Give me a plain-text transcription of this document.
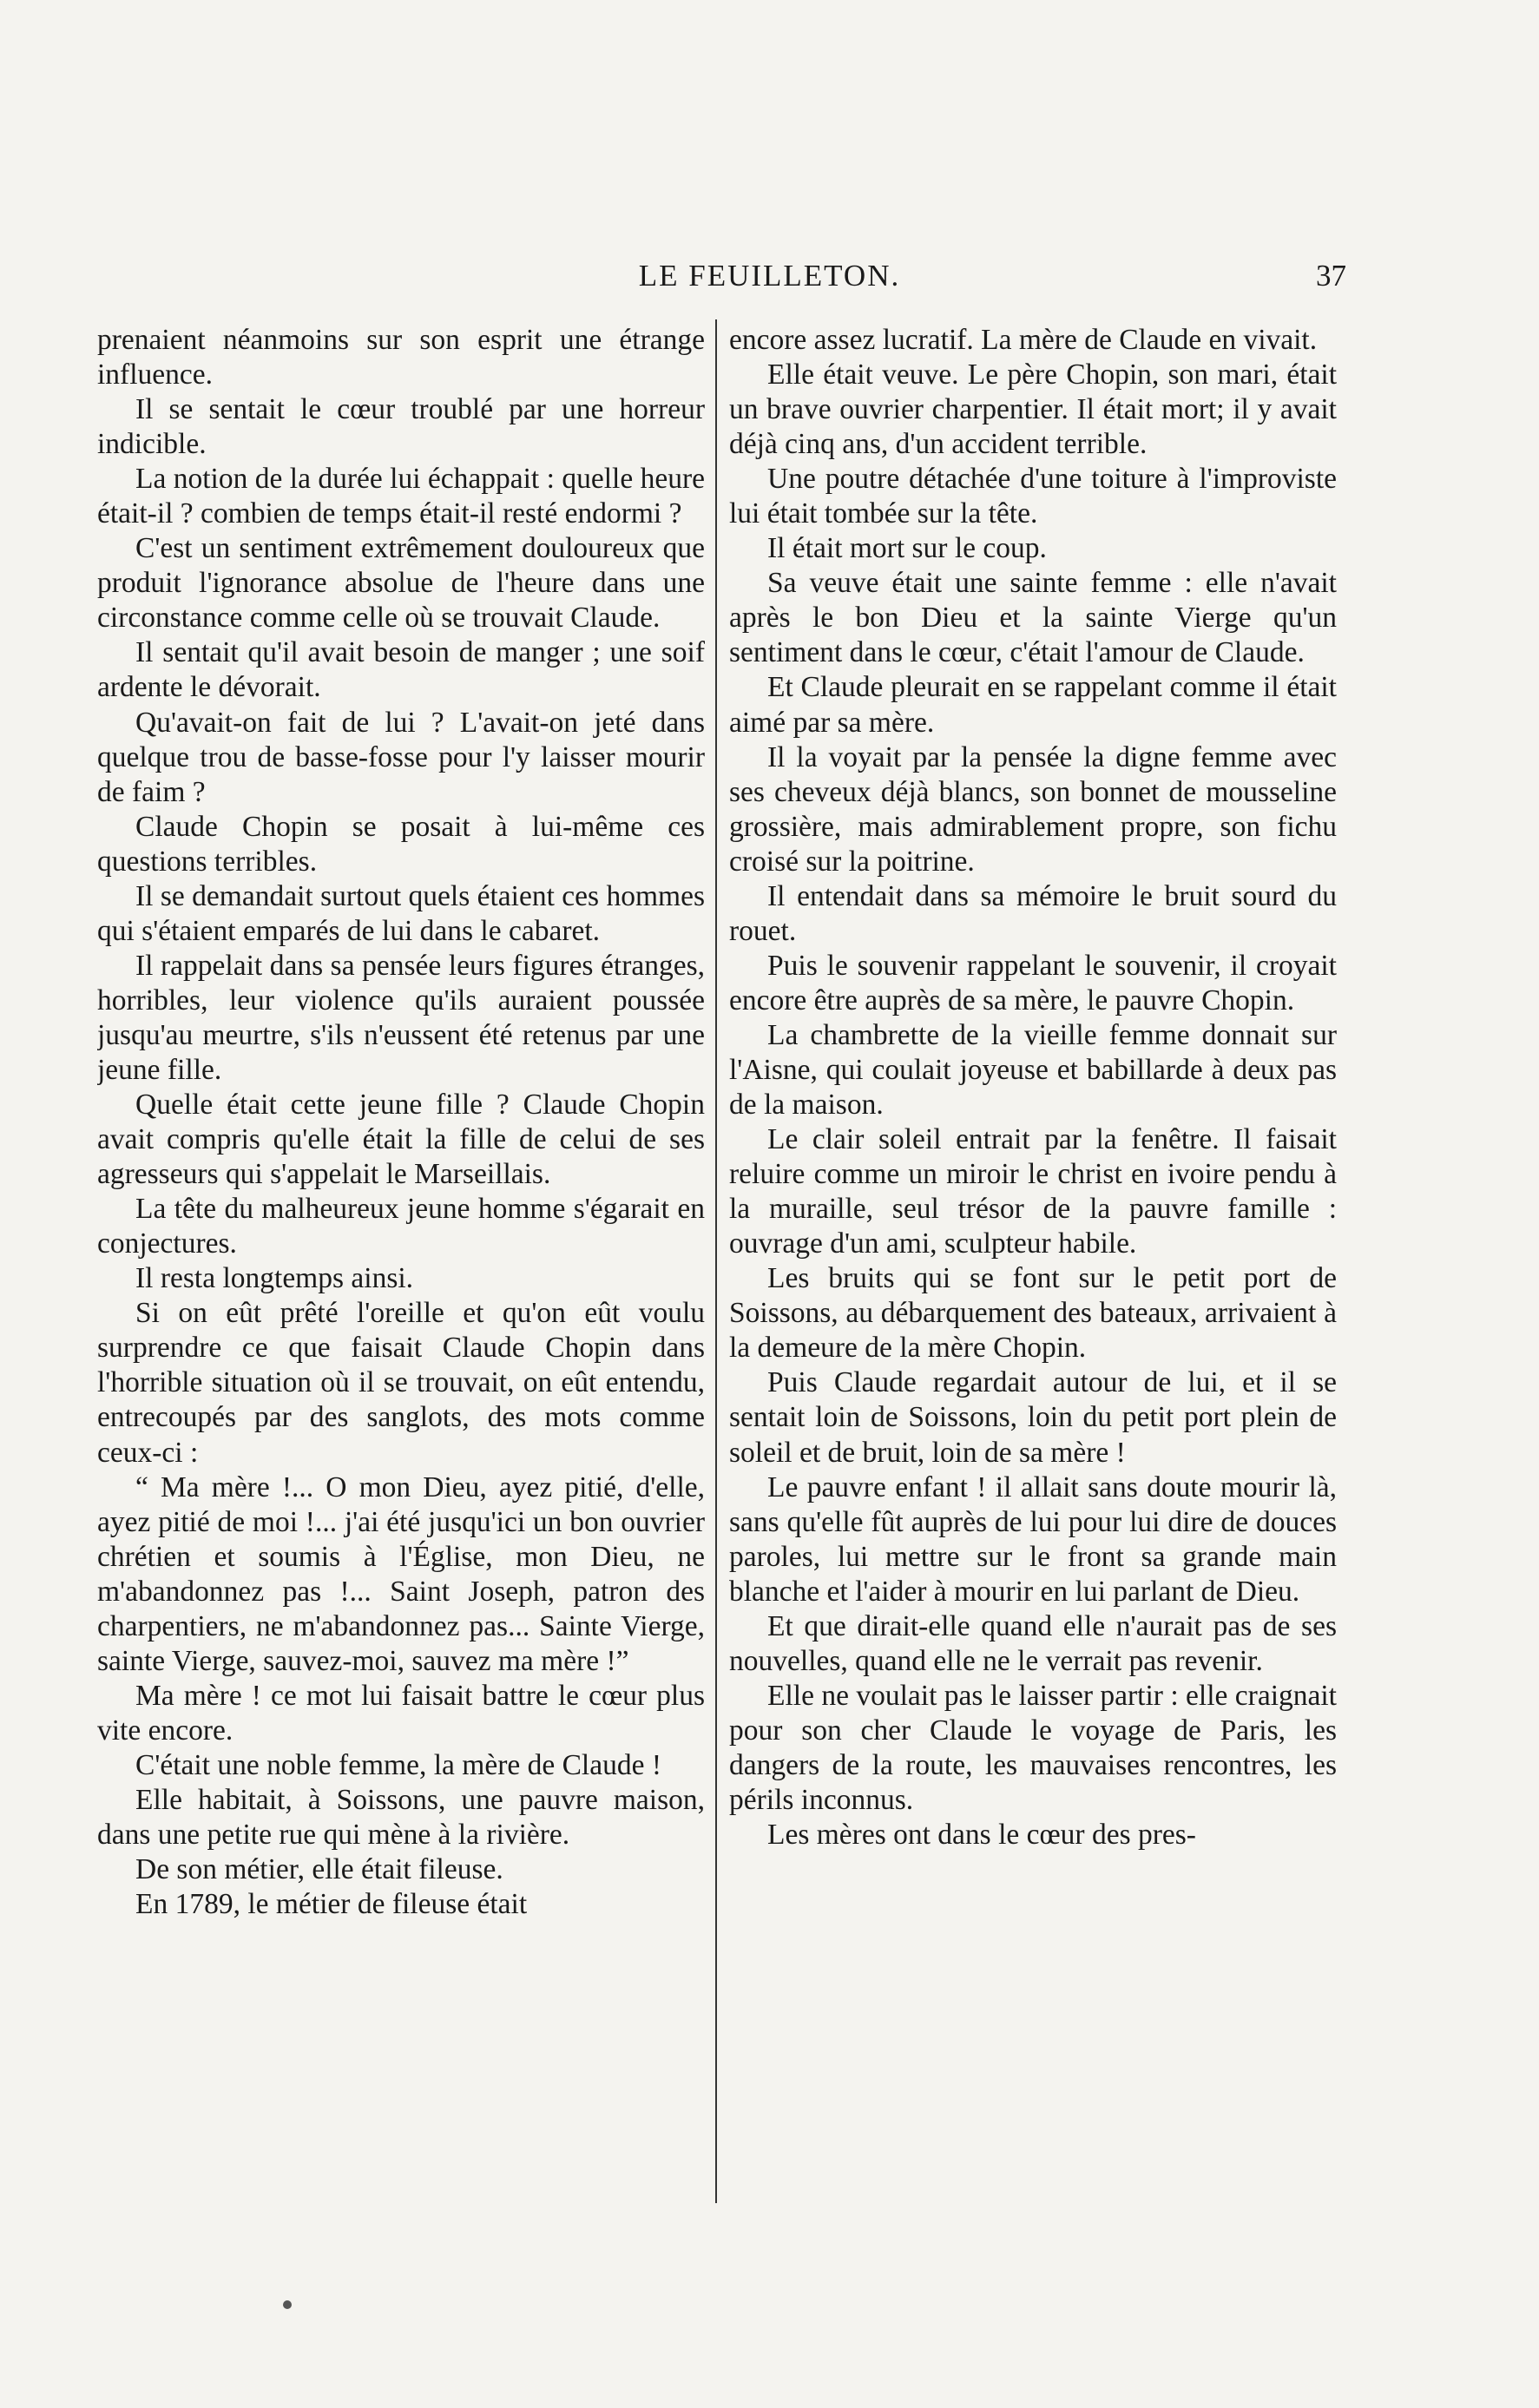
LE FEUILLETON.	37

prenaient néanmoins sur son esprit une étrange influence.

Il se sentait le cœur troublé par une horreur indicible.

La notion de la durée lui échappait : quelle heure était-il ? combien de temps était-il resté endormi ?

C'est un sentiment extrêmement douloureux que produit l'ignorance absolue de l'heure dans une circonstance comme celle où se trouvait Claude.

Il sentait qu'il avait besoin de manger ; une soif ardente le dévorait.

Qu'avait-on fait de lui ? L'avait-on jeté dans quelque trou de basse-fosse pour l'y laisser mourir de faim ?

Claude Chopin se posait à lui-même ces questions terribles.

Il se demandait surtout quels étaient ces hommes qui s'étaient emparés de lui dans le cabaret.

Il rappelait dans sa pensée leurs figures étranges, horribles, leur violence qu'ils auraient poussée jusqu'au meurtre, s'ils n'eussent été retenus par une jeune fille.

Quelle était cette jeune fille ? Claude Chopin avait compris qu'elle était la fille de celui de ses agresseurs qui s'appelait le Marseillais.

La tête du malheureux jeune homme s'égarait en conjectures.

Il resta longtemps ainsi.

Si on eût prêté l'oreille et qu'on eût voulu surprendre ce que faisait Claude Chopin dans l'horrible situation où il se trouvait, on eût entendu, entrecoupés par des sanglots, des mots comme ceux-ci :

“ Ma mère !... O mon Dieu, ayez pitié, d'elle, ayez pitié de moi !... j'ai été jusqu'ici un bon ouvrier chrétien et soumis à l'Église, mon Dieu, ne m'abandonnez pas !... Saint Joseph, patron des charpentiers, ne m'abandonnez pas... Sainte Vierge, sainte Vierge, sauvez-moi, sauvez ma mère !”

Ma mère ! ce mot lui faisait battre le cœur plus vite encore.

C'était une noble femme, la mère de Claude !

Elle habitait, à Soissons, une pauvre maison, dans une petite rue qui mène à la rivière.

De son métier, elle était fileuse.

En 1789, le métier de fileuse était

encore assez lucratif. La mère de Claude en vivait.

Elle était veuve. Le père Chopin, son mari, était un brave ouvrier charpentier. Il était mort; il y avait déjà cinq ans, d'un accident terrible.

Une poutre détachée d'une toiture à l'improviste lui était tombée sur la tête.

Il était mort sur le coup.

Sa veuve était une sainte femme : elle n'avait après le bon Dieu et la sainte Vierge qu'un sentiment dans le cœur, c'était l'amour de Claude.

Et Claude pleurait en se rappelant comme il était aimé par sa mère.

Il la voyait par la pensée la digne femme avec ses cheveux déjà blancs, son bonnet de mousseline grossière, mais admirablement propre, son fichu croisé sur la poitrine.

Il entendait dans sa mémoire le bruit sourd du rouet.

Puis le souvenir rappelant le souvenir, il croyait encore être auprès de sa mère, le pauvre Chopin.

La chambrette de la vieille femme donnait sur l'Aisne, qui coulait joyeuse et babillarde à deux pas de la maison.

Le clair soleil entrait par la fenêtre. Il faisait reluire comme un miroir le christ en ivoire pendu à la muraille, seul trésor de la pauvre famille : ouvrage d'un ami, sculpteur habile.

Les bruits qui se font sur le petit port de Soissons, au débarquement des bateaux, arrivaient à la demeure de la mère Chopin.

Puis Claude regardait autour de lui, et il se sentait loin de Soissons, loin du petit port plein de soleil et de bruit, loin de sa mère !

Le pauvre enfant ! il allait sans doute mourir là, sans qu'elle fût auprès de lui pour lui dire de douces paroles, lui mettre sur le front sa grande main blanche et l'aider à mourir en lui parlant de Dieu.

Et que dirait-elle quand elle n'aurait pas de ses nouvelles, quand elle ne le verrait pas revenir.

Elle ne voulait pas le laisser partir : elle craignait pour son cher Claude le voyage de Paris, les dangers de la route, les mauvaises rencontres, les périls inconnus.

Les mères ont dans le cœur des pres-
